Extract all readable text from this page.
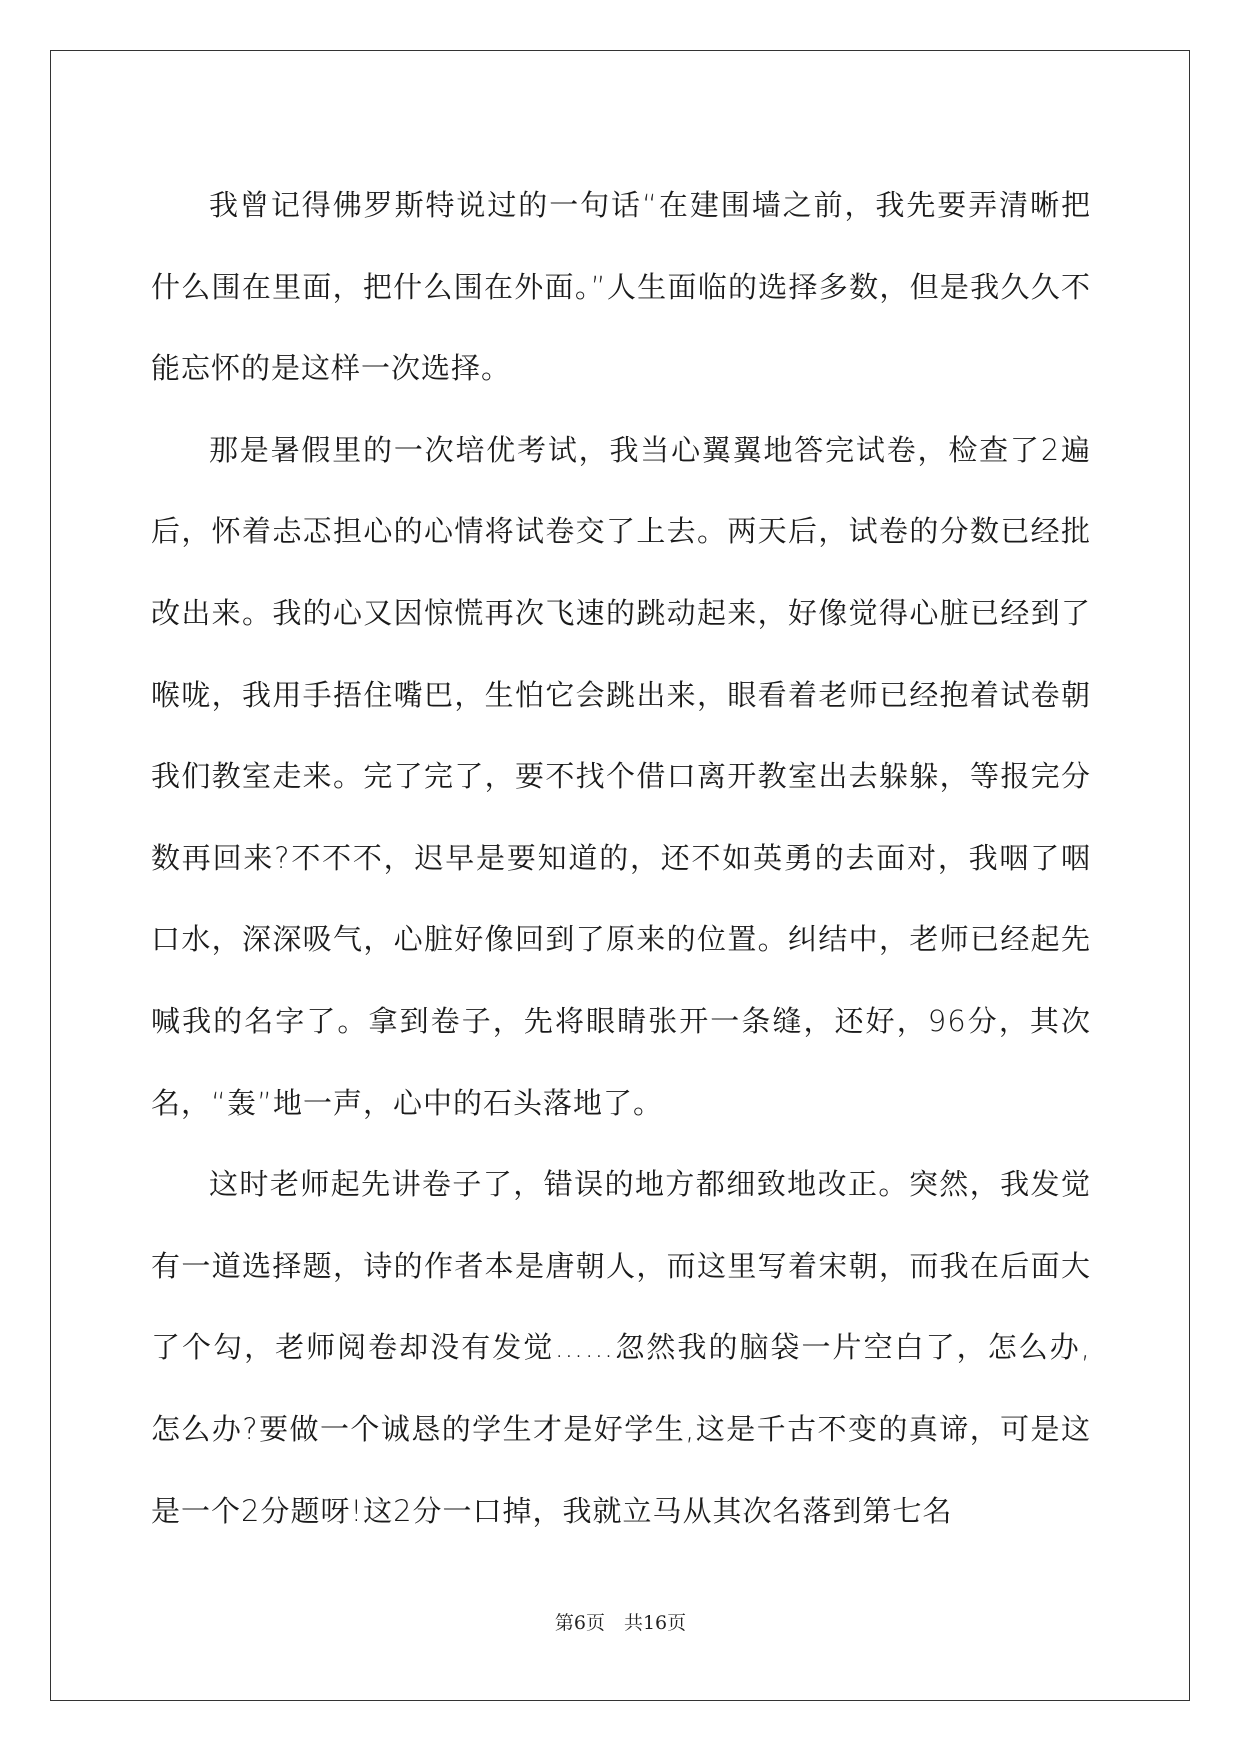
我曾记得佛罗斯特说过的一句话“在建围墙之前，我先要弄清晰把什么围在里面，把什么围在外面。”人生面临的选择多数，但是我久久不能忘怀的是这样一次选择。

那是暑假里的一次培优考试，我当心翼翼地答完试卷，检查了2遍后，怀着忐忑担心的心情将试卷交了上去。两天后，试卷的分数已经批改出来。我的心又因惊慌再次飞速的跳动起来，好像觉得心脏已经到了喉咙，我用手捂住嘴巴，生怕它会跳出来，眼看着老师已经抱着试卷朝我们教室走来。完了完了，要不找个借口离开教室出去躲躲，等报完分数再回来?不不不，迟早是要知道的，还不如英勇的去面对，我咽了咽口水，深深吸气，心脏好像回到了原来的位置。纠结中，老师已经起先喊我的名字了。拿到卷子，先将眼睛张开一条缝，还好，96分，其次名，“轰”地一声，心中的石头落地了。

这时老师起先讲卷子了，错误的地方都细致地改正。突然，我发觉有一道选择题，诗的作者本是唐朝人，而这里写着宋朝，而我在后面大了个勾，老师阅卷却没有发觉……忽然我的脑袋一片空白了，怎么办,怎么办?要做一个诚恳的学生才是好学生,这是千古不变的真谛，可是这是一个2分题呀!这2分一口掉，我就立马从其次名落到第七名

第6页　共16页
